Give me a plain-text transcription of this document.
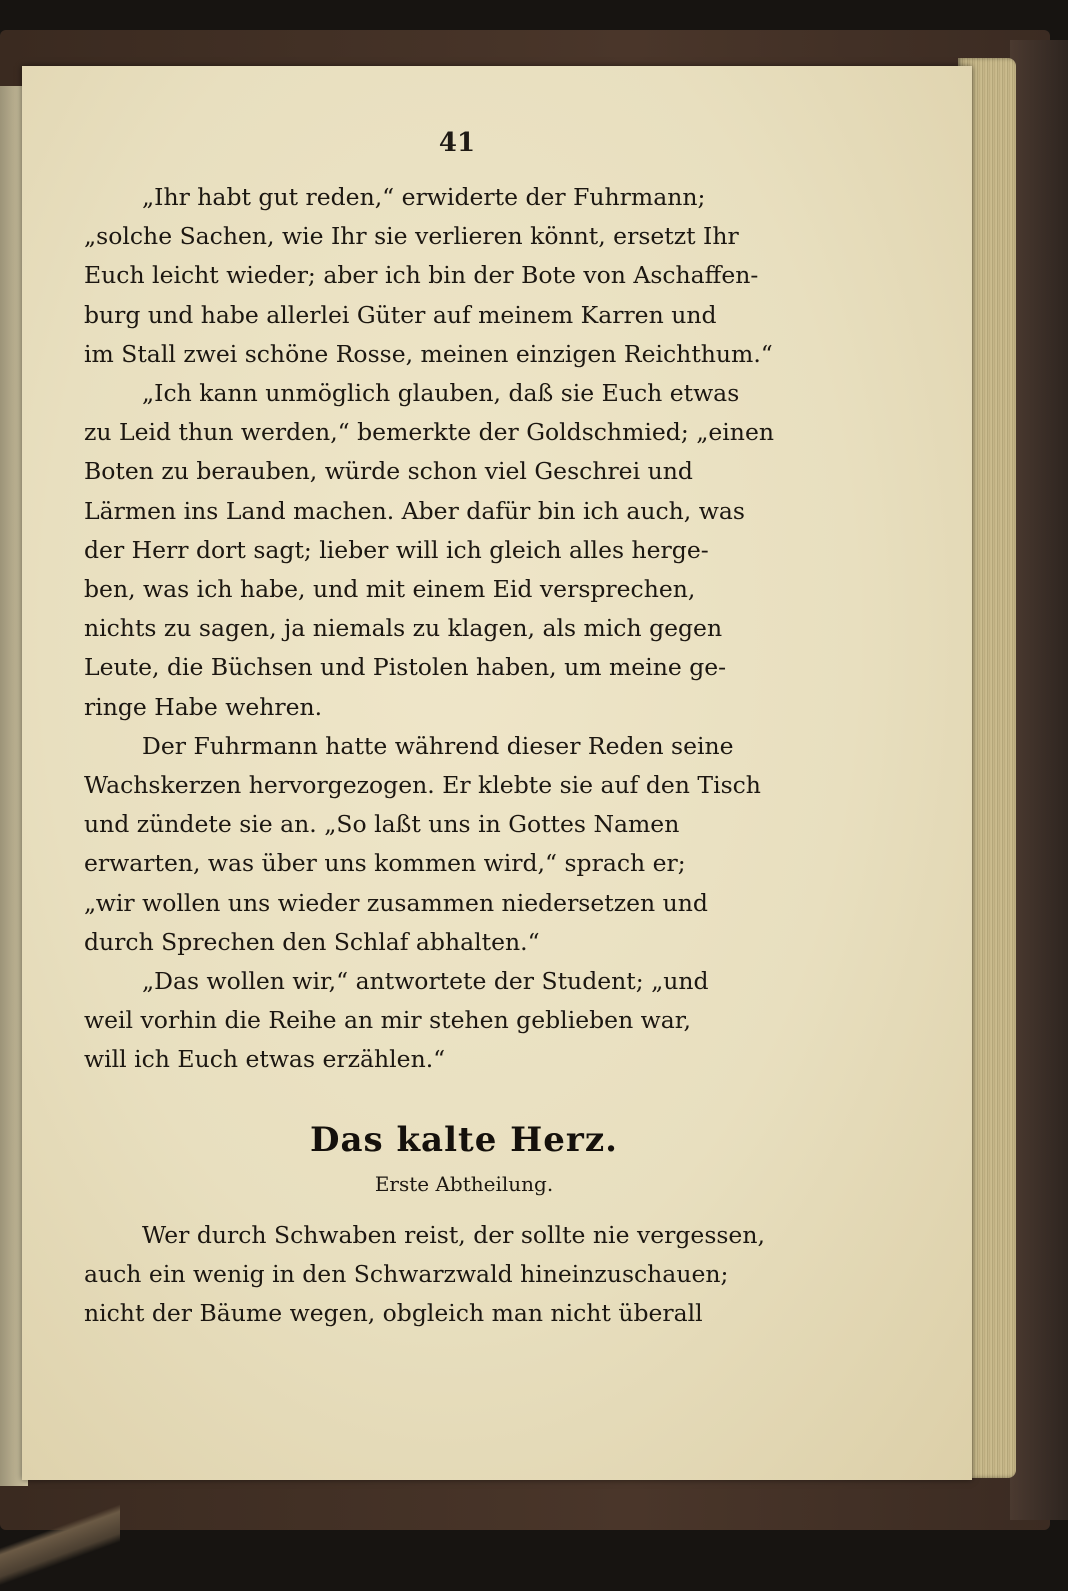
41
„Ihr habt gut reden,“ erwiderte der Fuhrmann;
„solche Sachen, wie Ihr sie verlieren könnt, ersetzt Ihr
Euch leicht wieder; aber ich bin der Bote von Aschaffen-
burg und habe allerlei Güter auf meinem Karren und
im Stall zwei schöne Rosse, meinen einzigen Reichthum.“
„Ich kann unmöglich glauben, daß sie Euch etwas
zu Leid thun werden,“ bemerkte der Goldschmied; „einen
Boten zu berauben, würde schon viel Geschrei und
Lärmen ins Land machen. Aber dafür bin ich auch, was
der Herr dort sagt; lieber will ich gleich alles herge-
ben, was ich habe, und mit einem Eid versprechen,
nichts zu sagen, ja niemals zu klagen, als mich gegen
Leute, die Büchsen und Pistolen haben, um meine ge-
ringe Habe wehren.
Der Fuhrmann hatte während dieser Reden seine
Wachskerzen hervorgezogen. Er klebte sie auf den Tisch
und zündete sie an. „So laßt uns in Gottes Namen
erwarten, was über uns kommen wird,“ sprach er;
„wir wollen uns wieder zusammen niedersetzen und
durch Sprechen den Schlaf abhalten.“
„Das wollen wir,“ antwortete der Student; „und
weil vorhin die Reihe an mir stehen geblieben war,
will ich Euch etwas erzählen.“
Das kalte Herz.
Erste Abtheilung.
Wer durch Schwaben reist, der sollte nie vergessen,
auch ein wenig in den Schwarzwald hineinzuschauen;
nicht der Bäume wegen, obgleich man nicht überall
